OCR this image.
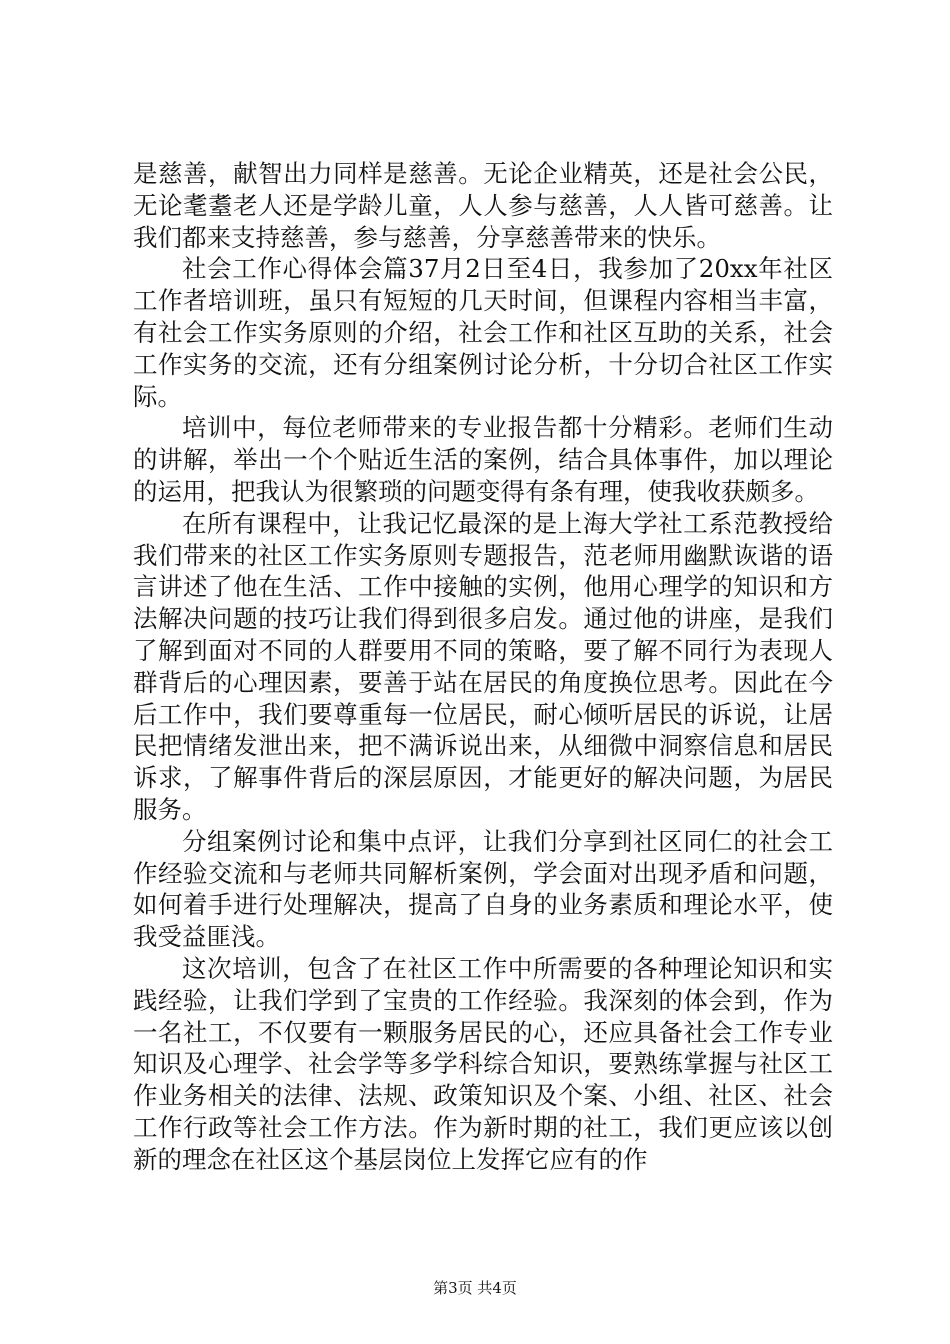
是慈善，献智出力同样是慈善。无论企业精英，还是社会公民，无论耄耋老人还是学龄儿童，人人参与慈善，人人皆可慈善。让我们都来支持慈善，参与慈善，分享慈善带来的快乐。

社会工作心得体会篇37月2日至4日，我参加了20xx年社区工作者培训班，虽只有短短的几天时间，但课程内容相当丰富，有社会工作实务原则的介绍，社会工作和社区互助的关系，社会工作实务的交流，还有分组案例讨论分析，十分切合社区工作实际。

培训中，每位老师带来的专业报告都十分精彩。老师们生动的讲解，举出一个个贴近生活的案例，结合具体事件，加以理论的运用，把我认为很繁琐的问题变得有条有理，使我收获颇多。

在所有课程中，让我记忆最深的是上海大学社工系范教授给我们带来的社区工作实务原则专题报告，范老师用幽默诙谐的语言讲述了他在生活、工作中接触的实例，他用心理学的知识和方法解决问题的技巧让我们得到很多启发。通过他的讲座，是我们了解到面对不同的人群要用不同的策略，要了解不同行为表现人群背后的心理因素，要善于站在居民的角度换位思考。因此在今后工作中，我们要尊重每一位居民，耐心倾听居民的诉说，让居民把情绪发泄出来，把不满诉说出来，从细微中洞察信息和居民诉求，了解事件背后的深层原因，才能更好的解决问题，为居民服务。

分组案例讨论和集中点评，让我们分享到社区同仁的社会工作经验交流和与老师共同解析案例，学会面对出现矛盾和问题，如何着手进行处理解决，提高了自身的业务素质和理论水平，使我受益匪浅。

这次培训，包含了在社区工作中所需要的各种理论知识和实践经验，让我们学到了宝贵的工作经验。我深刻的体会到，作为一名社工，不仅要有一颗服务居民的心，还应具备社会工作专业知识及心理学、社会学等多学科综合知识，要熟练掌握与社区工作业务相关的法律、法规、政策知识及个案、小组、社区、社会工作行政等社会工作方法。作为新时期的社工，我们更应该以创新的理念在社区这个基层岗位上发挥它应有的作

第3页 共4页
